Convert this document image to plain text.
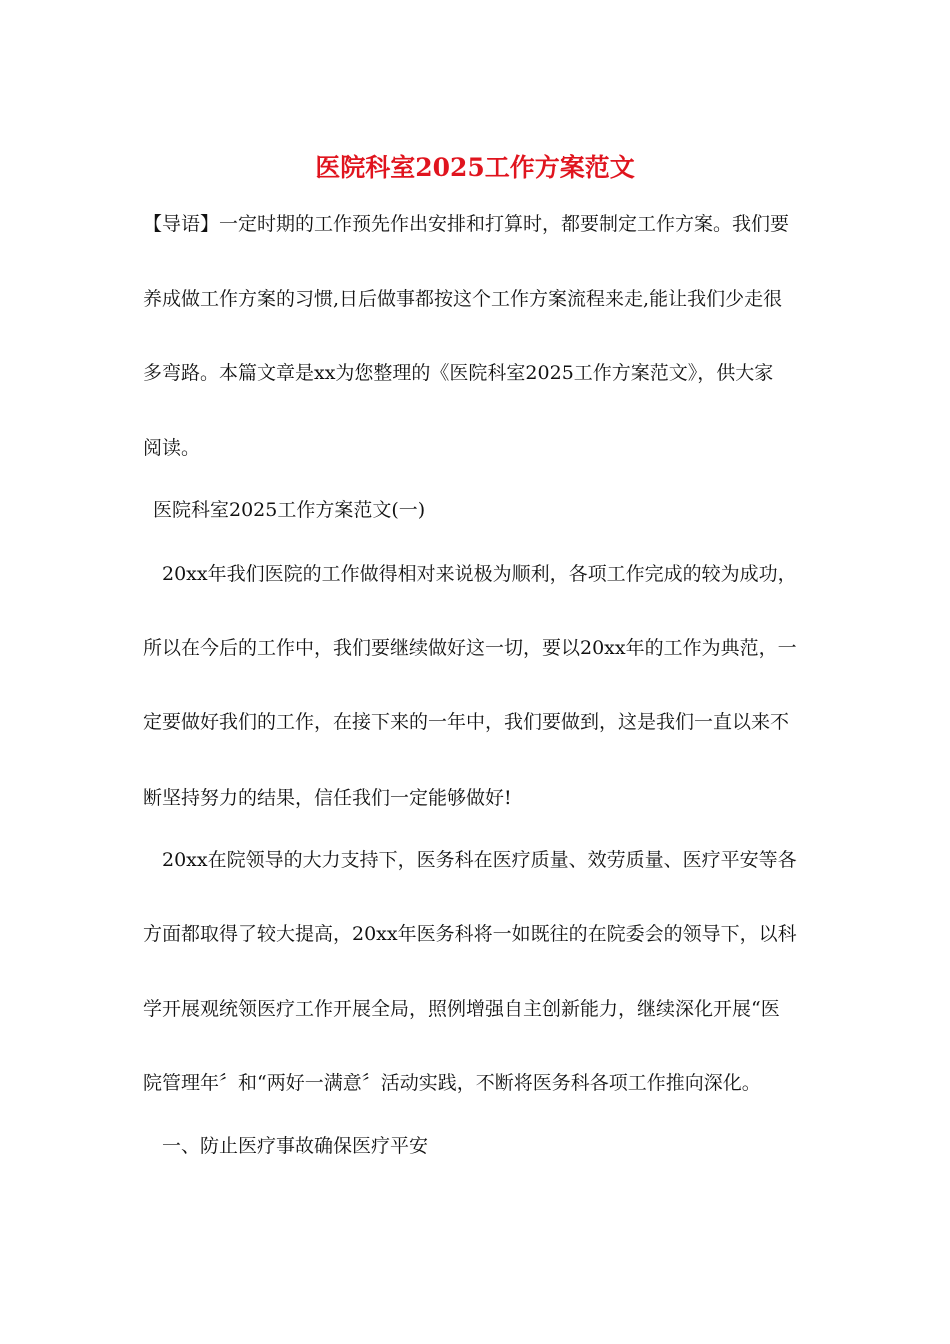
医院科室2025工作方案范文
【导语】一定时期的工作预先作出安排和打算时，都要制定工作方案。我们要
养成做工作方案的习惯,日后做事都按这个工作方案流程来走,能让我们少走很
多弯路。本篇文章是xx为您整理的《医院科室2025工作方案范文》，供大家
阅读。
医院科室2025工作方案范文(一)
20xx年我们医院的工作做得相对来说极为顺利，各项工作完成的较为成功，
所以在今后的工作中，我们要继续做好这一切，要以20xx年的工作为典范，一
定要做好我们的工作，在接下来的一年中，我们要做到，这是我们一直以来不
断坚持努力的结果，信任我们一定能够做好!
20xx在院领导的大力支持下，医务科在医疗质量、效劳质量、医疗平安等各
方面都取得了较大提高，20xx年医务科将一如既往的在院委会的领导下，以科
学开展观统领医疗工作开展全局，照例增强自主创新能力，继续深化开展“医
院管理年〞和“两好一满意〞活动实践，不断将医务科各项工作推向深化。
一、防止医疗事故确保医疗平安
